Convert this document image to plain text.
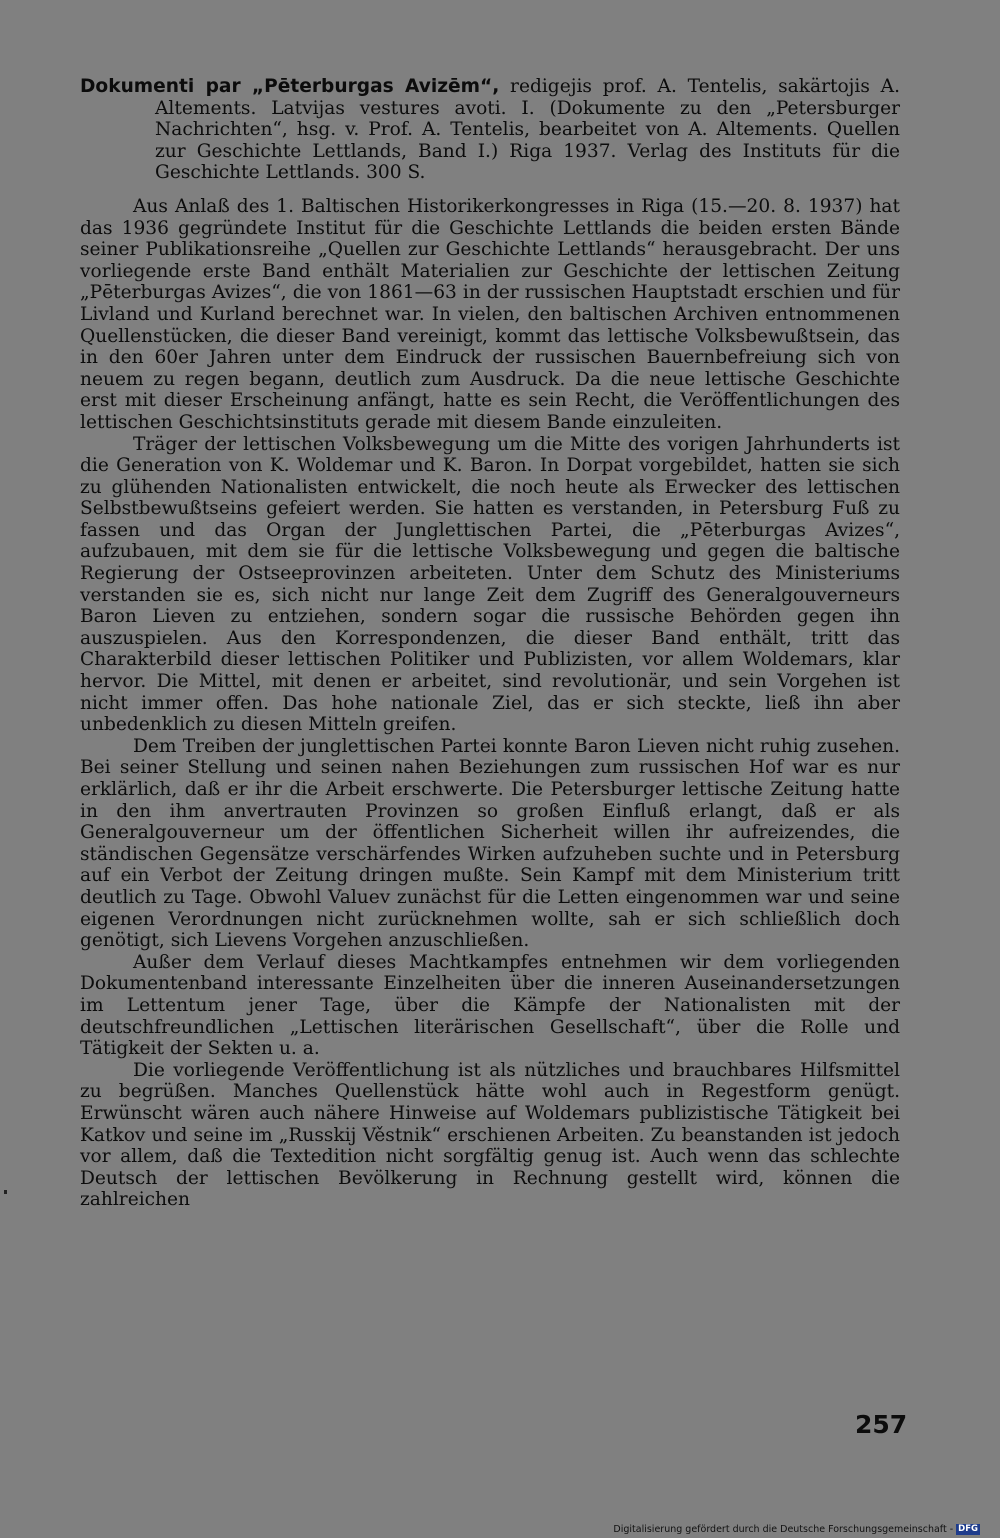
Dokumenti par „Pēterburgas Avizēm“, redigejis prof. A. Tentelis, sakärtojis A. Altements. Latvijas vestures avoti. I. (Dokumente zu den „Petersburger Nachrichten“, hsg. v. Prof. A. Tentelis, bearbeitet von A. Altements. Quellen zur Geschichte Lettlands, Band I.) Riga 1937. Verlag des Instituts für die Geschichte Lettlands. 300 S.

Aus Anlaß des 1. Baltischen Historikerkongresses in Riga (15.—20. 8. 1937) hat das 1936 gegründete Institut für die Geschichte Lettlands die beiden ersten Bände seiner Publikationsreihe „Quellen zur Geschichte Lettlands“ herausgebracht. Der uns vorliegende erste Band enthält Materialien zur Geschichte der lettischen Zeitung „Pēterburgas Avizes“, die von 1861—63 in der russischen Hauptstadt erschien und für Livland und Kurland berechnet war. In vielen, den baltischen Archiven entnommenen Quellenstücken, die dieser Band vereinigt, kommt das lettische Volksbewußtsein, das in den 60er Jahren unter dem Eindruck der russischen Bauernbefreiung sich von neuem zu regen begann, deutlich zum Ausdruck. Da die neue lettische Geschichte erst mit dieser Erscheinung anfängt, hatte es sein Recht, die Veröffentlichungen des lettischen Geschichtsinstituts gerade mit diesem Bande einzuleiten.

Träger der lettischen Volksbewegung um die Mitte des vorigen Jahrhunderts ist die Generation von K. Woldemar und K. Baron. In Dorpat vorgebildet, hatten sie sich zu glühenden Nationalisten entwickelt, die noch heute als Erwecker des lettischen Selbstbewußtseins gefeiert werden. Sie hatten es verstanden, in Petersburg Fuß zu fassen und das Organ der Junglettischen Partei, die „Pēterburgas Avizes“, aufzubauen, mit dem sie für die lettische Volksbewegung und gegen die baltische Regierung der Ostseeprovinzen arbeiteten. Unter dem Schutz des Ministeriums verstanden sie es, sich nicht nur lange Zeit dem Zugriff des Generalgouverneurs Baron Lieven zu entziehen, sondern sogar die russische Behörden gegen ihn auszuspielen. Aus den Korrespondenzen, die dieser Band enthält, tritt das Charakterbild dieser lettischen Politiker und Publizisten, vor allem Woldemars, klar hervor. Die Mittel, mit denen er arbeitet, sind revolutionär, und sein Vorgehen ist nicht immer offen. Das hohe nationale Ziel, das er sich steckte, ließ ihn aber unbedenklich zu diesen Mitteln greifen.

Dem Treiben der junglettischen Partei konnte Baron Lieven nicht ruhig zusehen. Bei seiner Stellung und seinen nahen Beziehungen zum russischen Hof war es nur erklärlich, daß er ihr die Arbeit erschwerte. Die Petersburger lettische Zeitung hatte in den ihm anvertrauten Provinzen so großen Einfluß erlangt, daß er als Generalgouverneur um der öffentlichen Sicherheit willen ihr aufreizendes, die ständischen Gegensätze verschärfendes Wirken aufzuheben suchte und in Petersburg auf ein Verbot der Zeitung dringen mußte. Sein Kampf mit dem Ministerium tritt deutlich zu Tage. Obwohl Valuev zunächst für die Letten eingenommen war und seine eigenen Verordnungen nicht zurücknehmen wollte, sah er sich schließlich doch genötigt, sich Lievens Vorgehen anzuschließen.

Außer dem Verlauf dieses Machtkampfes entnehmen wir dem vorliegenden Dokumentenband interessante Einzelheiten über die inneren Auseinandersetzungen im Lettentum jener Tage, über die Kämpfe der Nationalisten mit der deutschfreundlichen „Lettischen literärischen Gesellschaft“, über die Rolle und Tätigkeit der Sekten u. a.

Die vorliegende Veröffentlichung ist als nützliches und brauchbares Hilfsmittel zu begrüßen. Manches Quellenstück hätte wohl auch in Regestform genügt. Erwünscht wären auch nähere Hinweise auf Woldemars publizistische Tätigkeit bei Katkov und seine im „Russkij Věstnik“ erschienen Arbeiten. Zu beanstanden ist jedoch vor allem, daß die Textedition nicht sorgfältig genug ist. Auch wenn das schlechte Deutsch der lettischen Bevölkerung in Rechnung gestellt wird, können die zahlreichen

257
Digitalisierung gefördert durch die Deutsche Forschungsgemeinschaft - DFG
